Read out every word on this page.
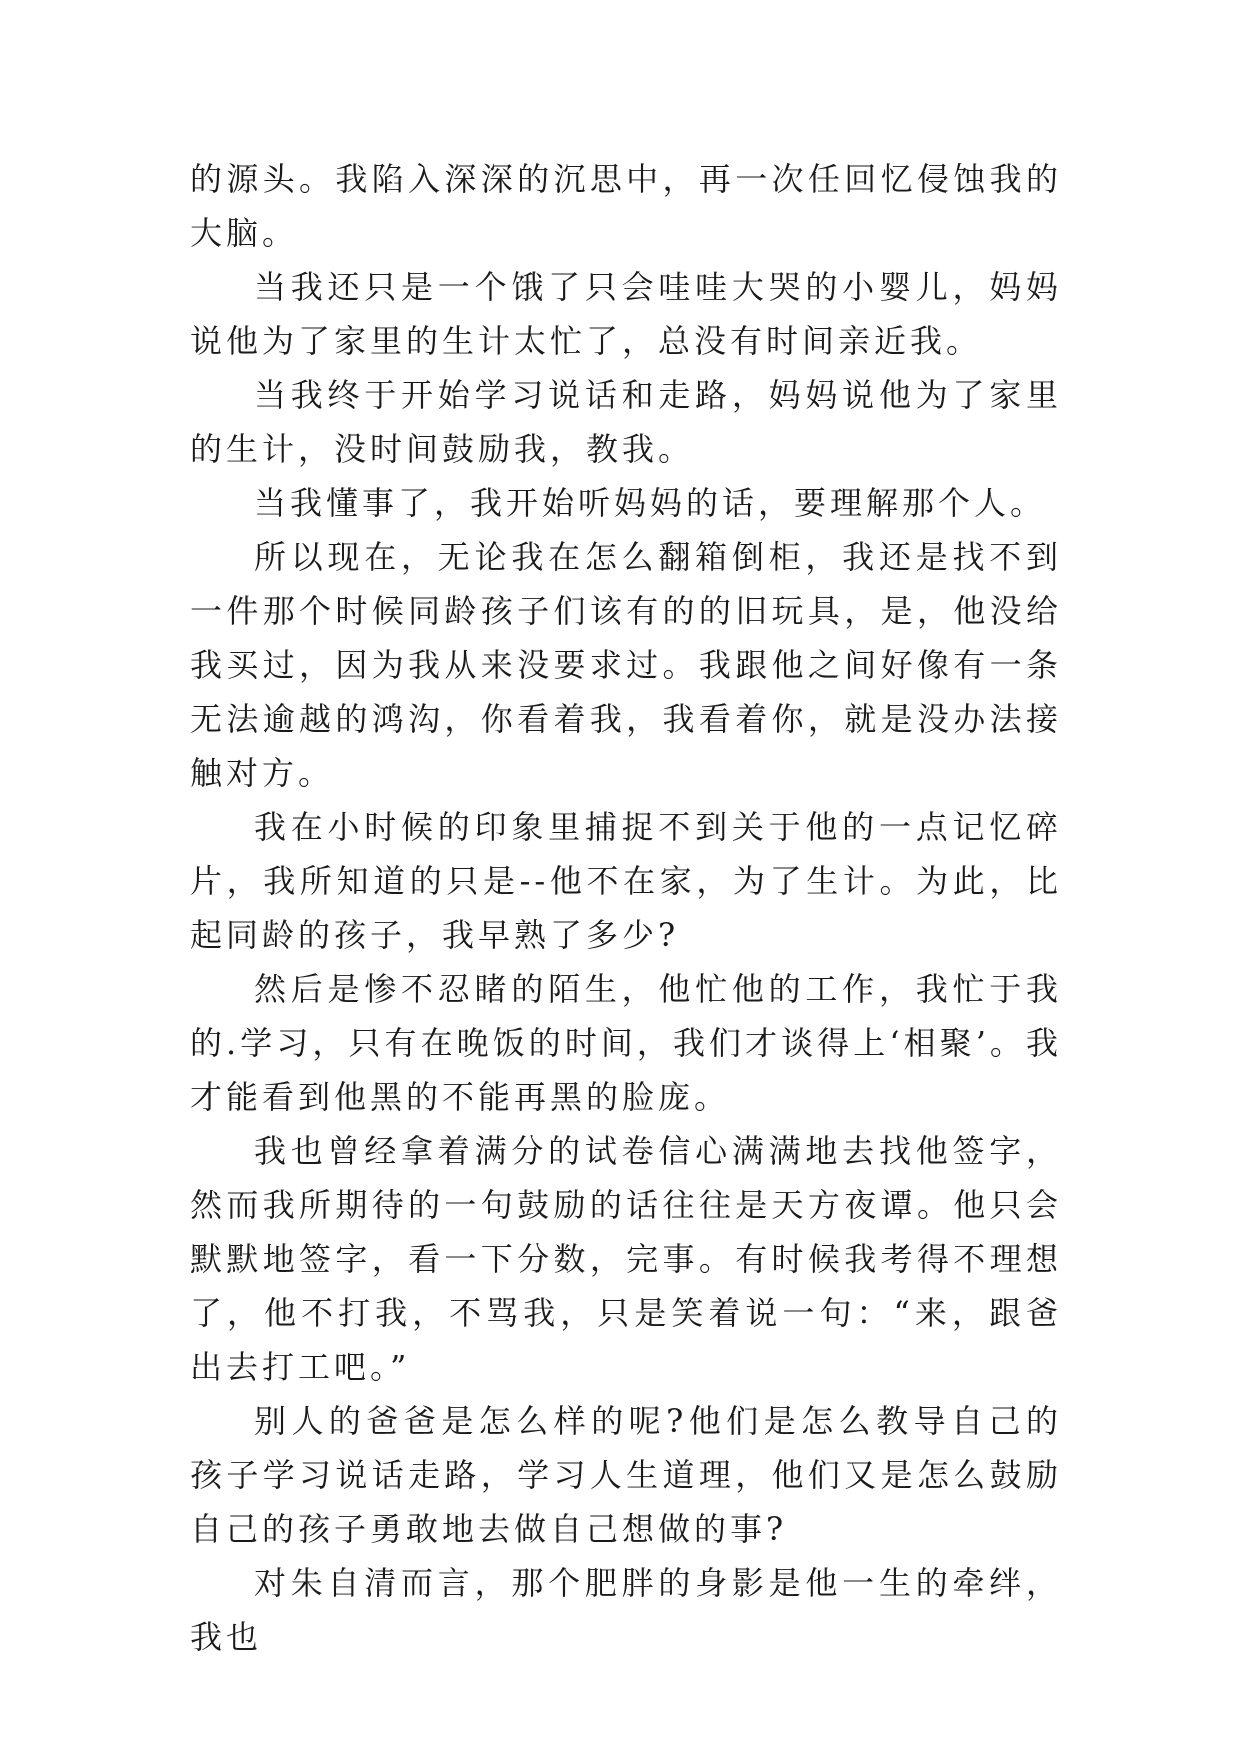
的源头。我陷入深深的沉思中，再一次任回忆侵蚀我的大脑。

当我还只是一个饿了只会哇哇大哭的小婴儿，妈妈说他为了家里的生计太忙了，总没有时间亲近我。

当我终于开始学习说话和走路，妈妈说他为了家里的生计，没时间鼓励我，教我。

当我懂事了，我开始听妈妈的话，要理解那个人。

所以现在，无论我在怎么翻箱倒柜，我还是找不到一件那个时候同龄孩子们该有的的旧玩具，是，他没给我买过，因为我从来没要求过。我跟他之间好像有一条无法逾越的鸿沟，你看着我，我看着你，就是没办法接触对方。

我在小时候的印象里捕捉不到关于他的一点记忆碎片，我所知道的只是--他不在家，为了生计。为此，比起同龄的孩子，我早熟了多少?

然后是惨不忍睹的陌生，他忙他的工作，我忙于我的.学习，只有在晚饭的时间，我们才谈得上‘相聚’。我才能看到他黑的不能再黑的脸庞。

我也曾经拿着满分的试卷信心满满地去找他签字，然而我所期待的一句鼓励的话往往是天方夜谭。他只会默默地签字，看一下分数，完事。有时候我考得不理想了，他不打我，不骂我，只是笑着说一句：“来，跟爸出去打工吧。”

别人的爸爸是怎么样的呢?他们是怎么教导自己的孩子学习说话走路，学习人生道理，他们又是怎么鼓励自己的孩子勇敢地去做自己想做的事?

对朱自清而言，那个肥胖的身影是他一生的牵绊，我也
